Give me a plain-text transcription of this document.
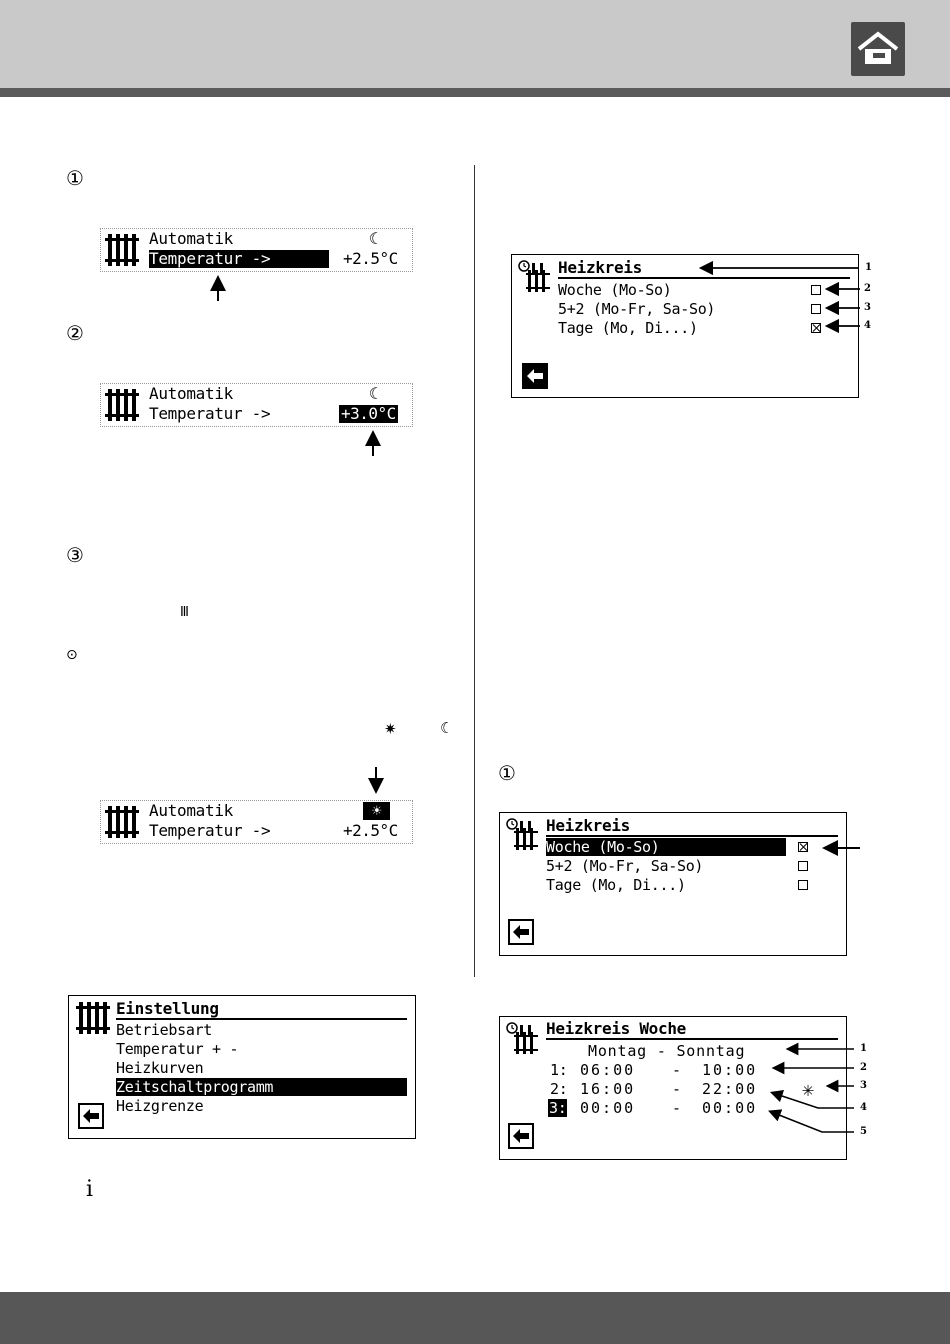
①
②
③
Ⅲ
⊙
✷	☾
①
i
Automatik
Temperatur ->
☾
+2.5°C
Automatik
Temperatur ->
☾
+3.0°C
Automatik
Temperatur ->
☀
+2.5°C
Heizkreis
Woche (Mo-So)
5+2 (Mo-Fr, Sa-So)
Tage (Mo, Di...)
1
2
3
4
Heizkreis
Woche (Mo-So)
5+2 (Mo-Fr, Sa-So)
Tage (Mo, Di...)
Einstellung
Betriebsart
Temperatur + -
Heizkurven
Zeitschaltprogramm
Heizgrenze
Heizkreis Woche
Montag - Sonntag
1: 06:00 - 10:00
2: 16:00 - 22:00
3: 00:00 - 00:00
✳
1
2
3
4
5
